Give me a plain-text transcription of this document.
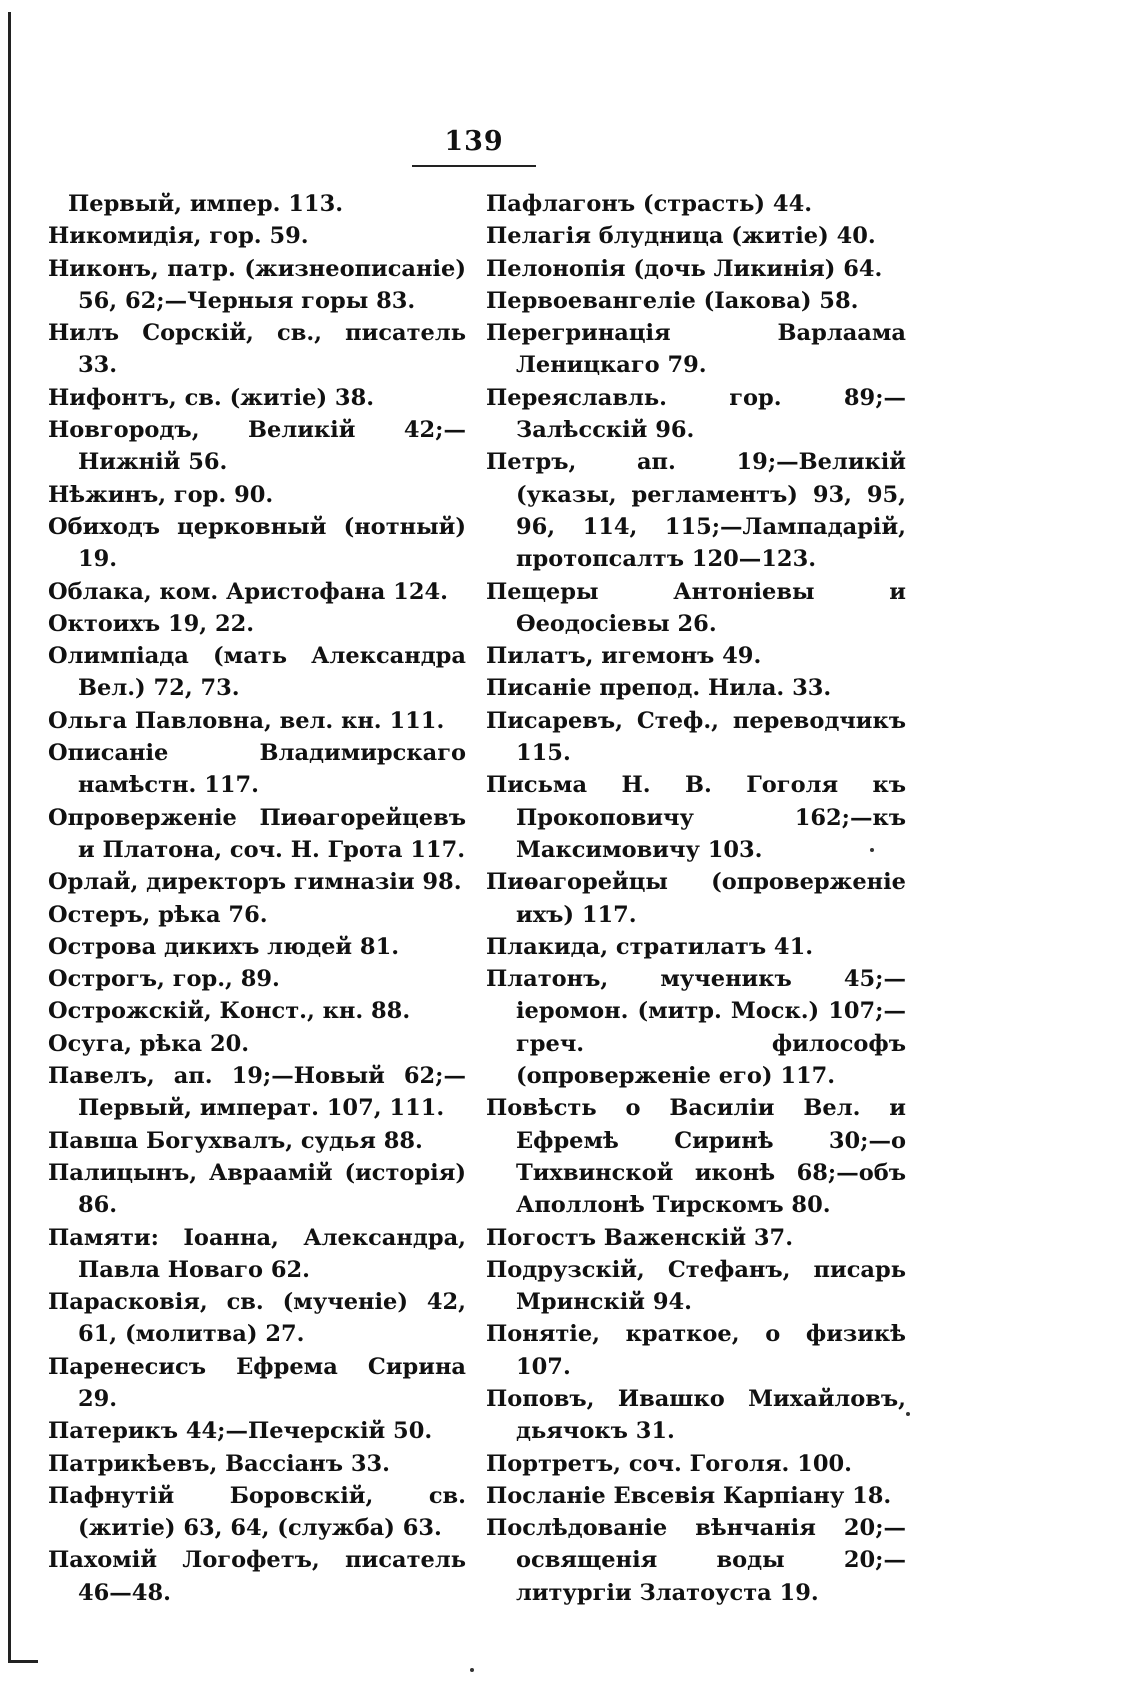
139

Первый, импер. 113.

Никомидія, гор. 59.

Никонъ, патр. (жизнеописаніе) 56, 62;—Черныя горы 83.

Нилъ Сорскій, св., писатель 33.

Нифонтъ, св. (житіе) 38.

Новгородъ, Великій 42;—Нижній 56.

Нѣжинъ, гор. 90.

Обиходъ церковный (нотный) 19.

Облака, ком. Аристофана 124.

Октоихъ 19, 22.

Олимпіада (мать Александра Вел.) 72, 73.

Ольга Павловна, вел. кн. 111.

Описаніе Владимирскаго намѣстн. 117.

Опроверженіе Пиѳагорейцевъ и Платона, соч. Н. Грота 117.

Орлай, директоръ гимназіи 98.

Остеръ, рѣка 76.

Острова дикихъ людей 81.

Острогъ, гор., 89.

Острожскій, Конст., кн. 88.

Осуга, рѣка 20.

Павелъ, ап. 19;—Новый 62;—Первый, императ. 107, 111.

Павша Богухвалъ, судья 88.

Палицынъ, Авраамій (исторія) 86.

Памяти: Іоанна, Александра, Павла Новаго 62.

Парасковія, св. (мученіе) 42, 61, (молитва) 27.

Паренесисъ Ефрема Сирина 29.

Патерикъ 44;—Печерскій 50.

Патрикѣевъ, Вассіанъ 33.

Пафнутій Боровскій, св. (житіе) 63, 64, (служба) 63.

Пахомій Логофетъ, писатель 46—48.

Пафлагонъ (страсть) 44.

Пелагія блудница (житіе) 40.

Пелонопія (дочь Ликинія) 64.

Первоевангеліе (Іакова) 58.

Перегринація Варлаама Леницкаго 79.

Переяславль. гор. 89;—Залѣсскій 96.

Петръ, ап. 19;—Великій (указы, регламентъ) 93, 95, 96, 114, 115;—Лампадарій, протопсалтъ 120—123.

Пещеры Антоніевы и Ѳеодосіевы 26.

Пилатъ, игемонъ 49.

Писаніе препод. Нила. 33.

Писаревъ, Стеф., переводчикъ 115.

Письма Н. В. Гоголя къ Прокоповичу 162;—къ Максимовичу 103.

Пиѳагорейцы (опроверженіе ихъ) 117.

Плакида, стратилатъ 41.

Платонъ, мученикъ 45;—іеромон. (митр. Моск.) 107;—греч. философъ (опроверженіе его) 117.

Повѣсть о Василіи Вел. и Ефремѣ Сиринѣ 30;—о Тихвинской иконѣ 68;—объ Аполлонѣ Тирскомъ 80.

Погостъ Важенскій 37.

Подрузскій, Стефанъ, писарь Мринскій 94.

Понятіе, краткое, о физикѣ 107.

Поповъ, Ивашко Михайловъ, дьячокъ 31.

Портретъ, соч. Гоголя. 100.

Посланіе Евсевія Карпіану 18.

Послѣдованіе вѣнчанія 20;—освященія воды 20;—литургіи Златоуста 19.
